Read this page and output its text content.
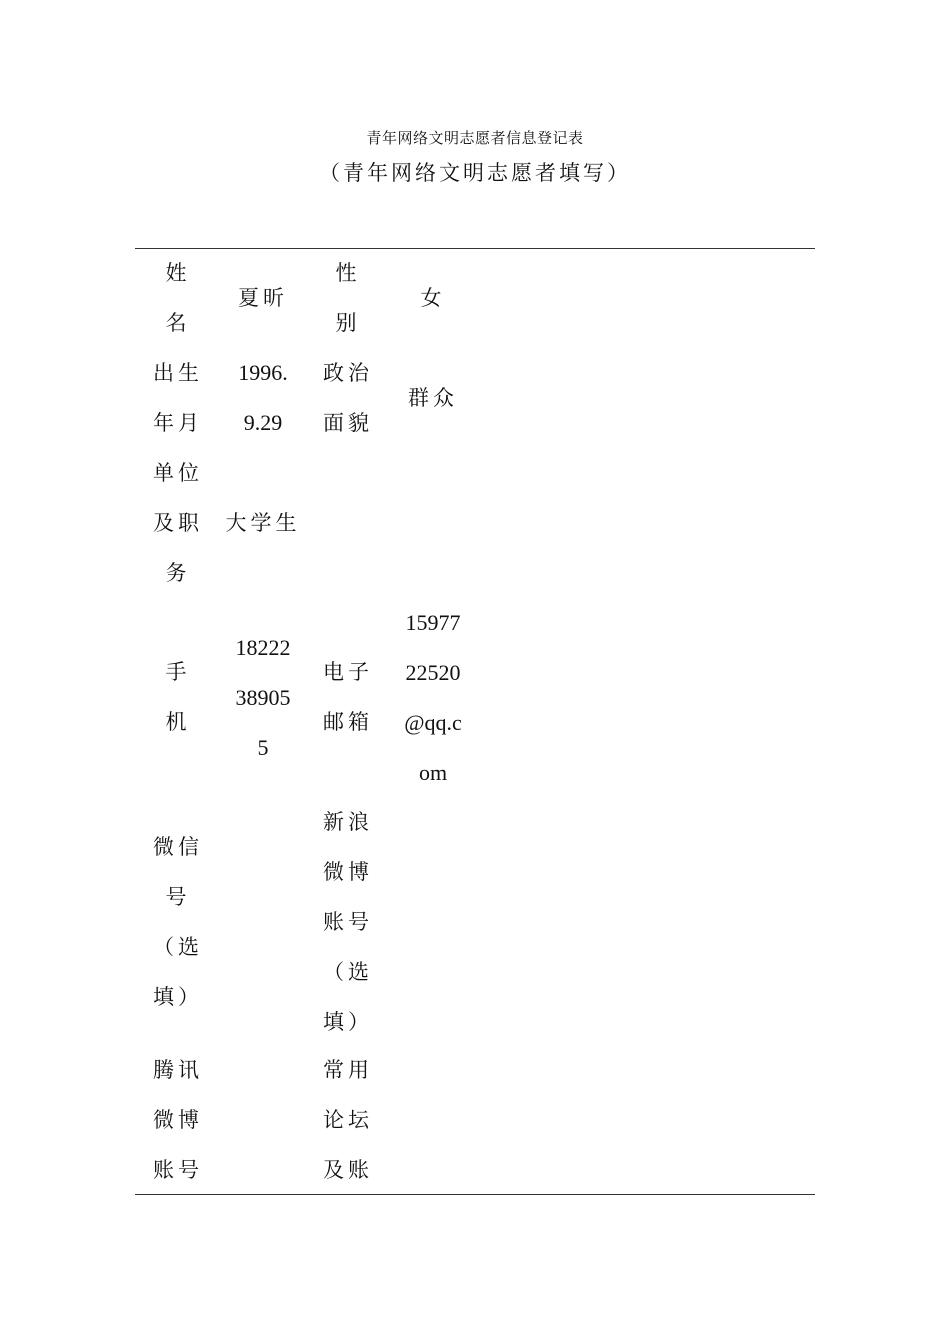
青年网络文明志愿者信息登记表
（青年网络文明志愿者填写）
姓
名
夏昕
性
别
女
出生
年月
1996.
9.29
政治
面貌
群众
单位
及职
务
大学生
手
机
18222
38905
5
电子
邮箱
15977
22520
@qq.c
om
微信
号
（选
填）
新浪
微博
账号
（选
填）
腾讯
微博
账号
常用
论坛
及账
